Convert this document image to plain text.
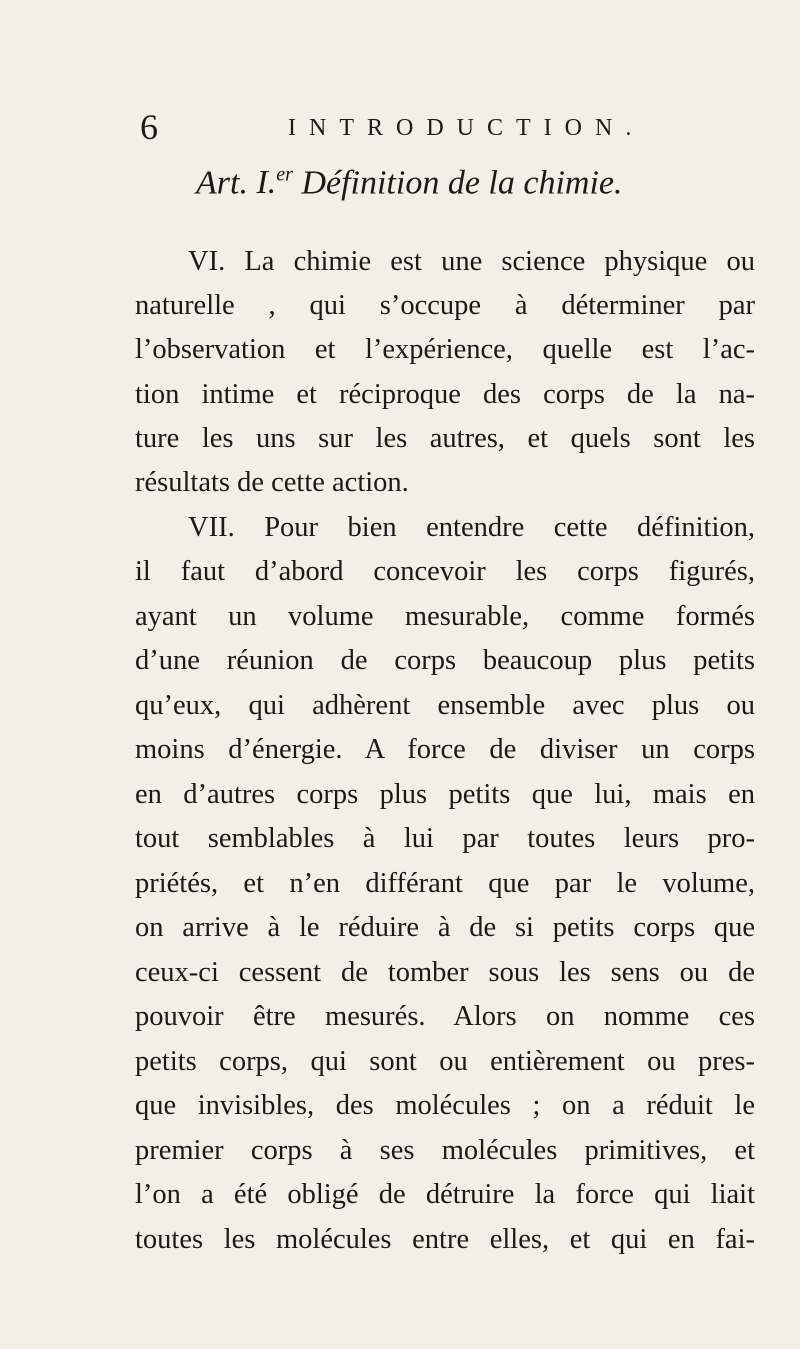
6	INTRODUCTION.
Art. I.$^{er}$ Définition de la chimie.
VI. La chimie est une science physique ou
naturelle , qui s’occupe à déterminer par
l’observation et l’expérience, quelle est l’ac-
tion intime et réciproque des corps de la na-
ture les uns sur les autres, et quels sont les
résultats de cette action.
VII. Pour bien entendre cette définition,
il faut d’abord concevoir les corps figurés,
ayant un volume mesurable, comme formés
d’une réunion de corps beaucoup plus petits
qu’eux, qui adhèrent ensemble avec plus ou
moins d’énergie. A force de diviser un corps
en d’autres corps plus petits que lui, mais en
tout semblables à lui par toutes leurs pro-
priétés, et n’en différant que par le volume,
on arrive à le réduire à de si petits corps que
ceux-ci cessent de tomber sous les sens ou de
pouvoir être mesurés. Alors on nomme ces
petits corps, qui sont ou entièrement ou pres-
que invisibles, des molécules ; on a réduit le
premier corps à ses molécules primitives, et
l’on a été obligé de détruire la force qui liait
toutes les molécules entre elles, et qui en fai-
